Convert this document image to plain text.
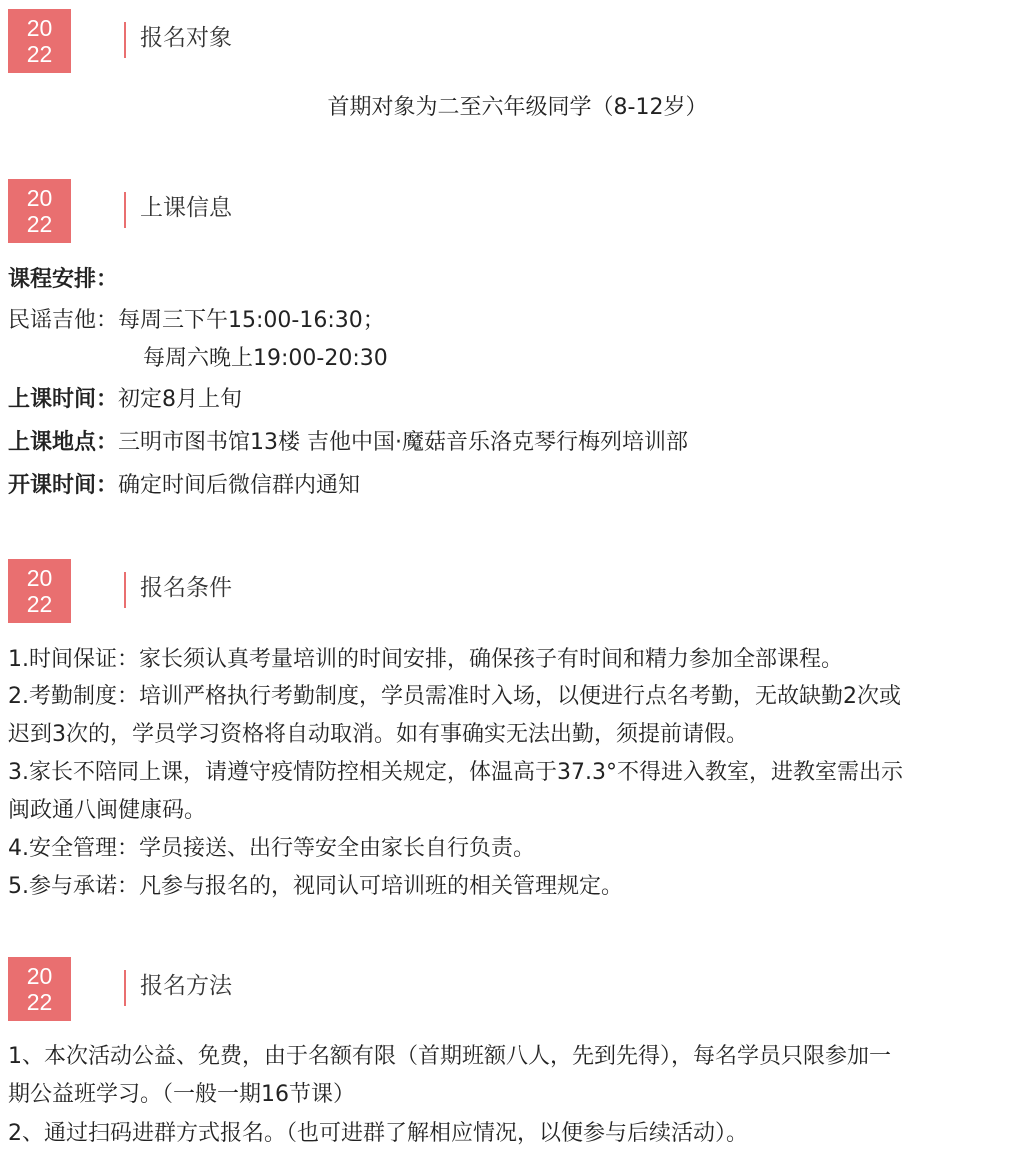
20
22
报名对象
首期对象为二至六年级同学（8-12岁）
20
22
上课信息
课程安排：
民谣吉他：每周三下午15:00-16:30；
每周六晚上19:00-20:30
上课时间：初定8月上旬
上课地点：三明市图书馆13楼 吉他中国·魔菇音乐洛克琴行梅列培训部
开课时间：确定时间后微信群内通知
20
22
报名条件
1.时间保证：家长须认真考量培训的时间安排，确保孩子有时间和精力参加全部课程。
2.考勤制度：培训严格执行考勤制度，学员需准时入场，以便进行点名考勤，无故缺勤2次或
迟到3次的，学员学习资格将自动取消。如有事确实无法出勤，须提前请假。
3.家长不陪同上课，请遵守疫情防控相关规定，体温高于37.3°不得进入教室，进教室需出示
闽政通八闽健康码。
4.安全管理：学员接送、出行等安全由家长自行负责。
5.参与承诺：凡参与报名的，视同认可培训班的相关管理规定。
20
22
报名方法
1、本次活动公益、免费，由于名额有限（首期班额八人，先到先得），每名学员只限参加一
期公益班学习。（一般一期16节课）
2、通过扫码进群方式报名。（也可进群了解相应情况，以便参与后续活动）。
